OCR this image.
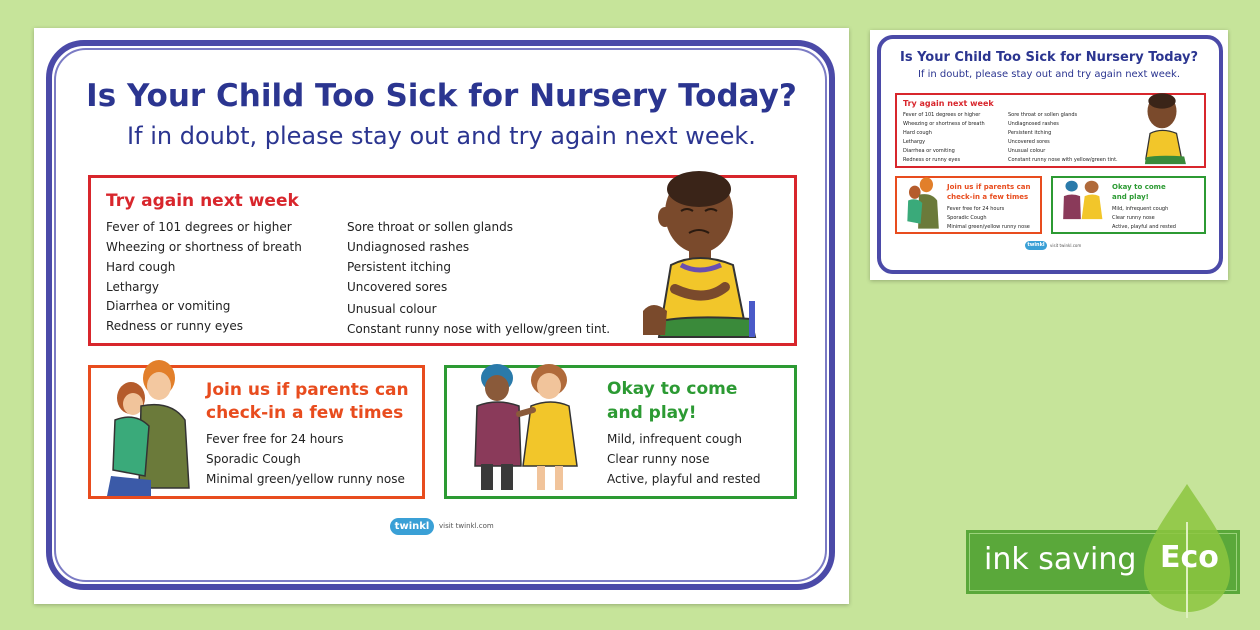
Is Your Child Too Sick for Nursery Today?
If in doubt, please stay out and try again next week.
Try again next week
Fever of 101 degrees or higher
Wheezing or shortness of breath
Hard cough
Lethargy
Diarrhea or vomiting
Redness or runny eyes
Sore throat or sollen glands
Undiagnosed rashes
Persistent itching
Uncovered sores
Unusual colour
Constant runny nose with yellow/green tint.
Join us if parents can
check-in a few times
Fever free for 24 hours
Sporadic Cough
Minimal green/yellow runny nose
Okay to come
and play!
Mild, infrequent cough
Clear runny nose
Active, playful and rested
twinkl	visit twinkl.com
Is Your Child Too Sick for Nursery Today?
If in doubt, please stay out and try again next week.
Try again next week
Fever of 101 degrees or higher
Wheezing or shortness of breath
Hard cough
Lethargy
Diarrhea or vomiting
Redness or runny eyes
Sore throat or sollen glands
Undiagnosed rashes
Persistent itching
Uncovered sores
Unusual colour
Constant runny nose with yellow/green tint.
Join us if parents can
check-in a few times
Fever free for 24 hours
Sporadic Cough
Minimal green/yellow runny nose
Okay to come
and play!
Mild, infrequent cough
Clear runny nose
Active, playful and rested
twinkl	visit twinkl.com
ink saving Eco
